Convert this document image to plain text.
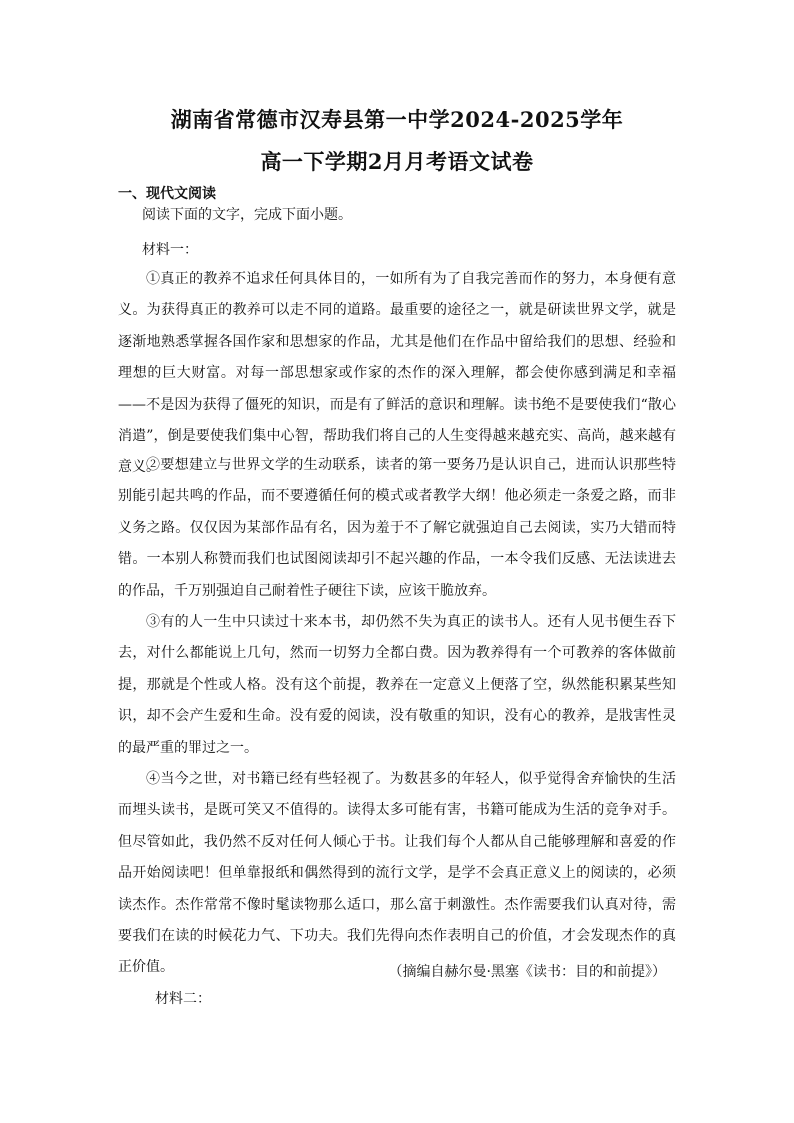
湖南省常德市汉寿县第一中学2024-2025学年
高一下学期2月月考语文试卷
一、现代文阅读
阅读下面的文字，完成下面小题。
材料一：

①真正的教养不追求任何具体目的，一如所有为了自我完善而作的努力，本身便有意义。为获得真正的教养可以走不同的道路。最重要的途径之一，就是研读世界文学，就是逐渐地熟悉掌握各国作家和思想家的作品，尤其是他们在作品中留给我们的思想、经验和理想的巨大财富。对每一部思想家或作家的杰作的深入理解，都会使你感到满足和幸福——不是因为获得了僵死的知识，而是有了鲜活的意识和理解。读书绝不是要使我们“散心消遣”，倒是要使我们集中心智，帮助我们将自己的人生变得越来越充实、高尚，越来越有意义。

②要想建立与世界文学的生动联系，读者的第一要务乃是认识自己，进而认识那些特别能引起共鸣的作品，而不要遵循任何的模式或者教学大纲！他必须走一条爱之路，而非义务之路。仅仅因为某部作品有名，因为羞于不了解它就强迫自己去阅读，实乃大错而特错。一本别人称赞而我们也试图阅读却引不起兴趣的作品，一本令我们反感、无法读进去的作品，千万别强迫自己耐着性子硬往下读，应该干脆放弃。

③有的人一生中只读过十来本书，却仍然不失为真正的读书人。还有人见书便生吞下去，对什么都能说上几句，然而一切努力全都白费。因为教养得有一个可教养的客体做前提，那就是个性或人格。没有这个前提，教养在一定意义上便落了空，纵然能积累某些知识，却不会产生爱和生命。没有爱的阅读，没有敬重的知识，没有心的教养，是戕害性灵的最严重的罪过之一。

④当今之世，对书籍已经有些轻视了。为数甚多的年轻人，似乎觉得舍弃愉快的生活而埋头读书，是既可笑又不值得的。读得太多可能有害，书籍可能成为生活的竞争对手。但尽管如此，我仍然不反对任何人倾心于书。让我们每个人都从自己能够理解和喜爱的作品开始阅读吧！但单靠报纸和偶然得到的流行文学，是学不会真正意义上的阅读的，必须读杰作。杰作常常不像时髦读物那么适口，那么富于刺激性。杰作需要我们认真对待，需要我们在读的时候花力气、下功夫。我们先得向杰作表明自己的价值，才会发现杰作的真正价值。	（摘编自赫尔曼·黑塞《读书：目的和前提》）
材料二：
